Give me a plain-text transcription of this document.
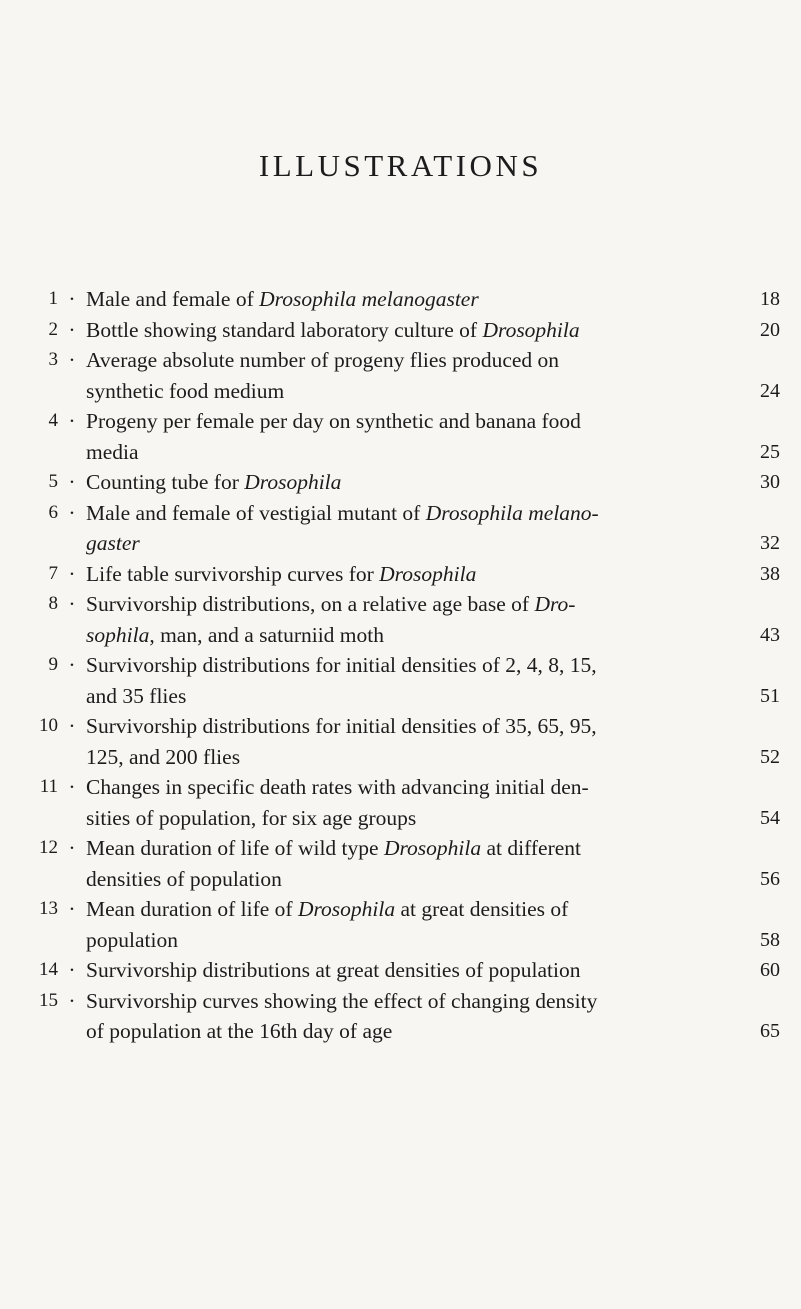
ILLUSTRATIONS
1 · Male and female of Drosophila melanogaster	18
2 · Bottle showing standard laboratory culture of Drosophila	20
3 · Average absolute number of progeny flies produced on
synthetic food medium	24
4 · Progeny per female per day on synthetic and banana food
media	25
5 · Counting tube for Drosophila	30
6 · Male and female of vestigial mutant of Drosophila melano-
gaster	32
7 · Life table survivorship curves for Drosophila	38
8 · Survivorship distributions, on a relative age base of Dro-
sophila, man, and a saturniid moth	43
9 · Survivorship distributions for initial densities of 2, 4, 8, 15,
and 35 flies	51
10 · Survivorship distributions for initial densities of 35, 65, 95,
125, and 200 flies	52
11 · Changes in specific death rates with advancing initial den-
sities of population, for six age groups	54
12 · Mean duration of life of wild type Drosophila at different
densities of population	56
13 · Mean duration of life of Drosophila at great densities of
population	58
14 · Survivorship distributions at great densities of population	60
15 · Survivorship curves showing the effect of changing density
of population at the 16th day of age	65
